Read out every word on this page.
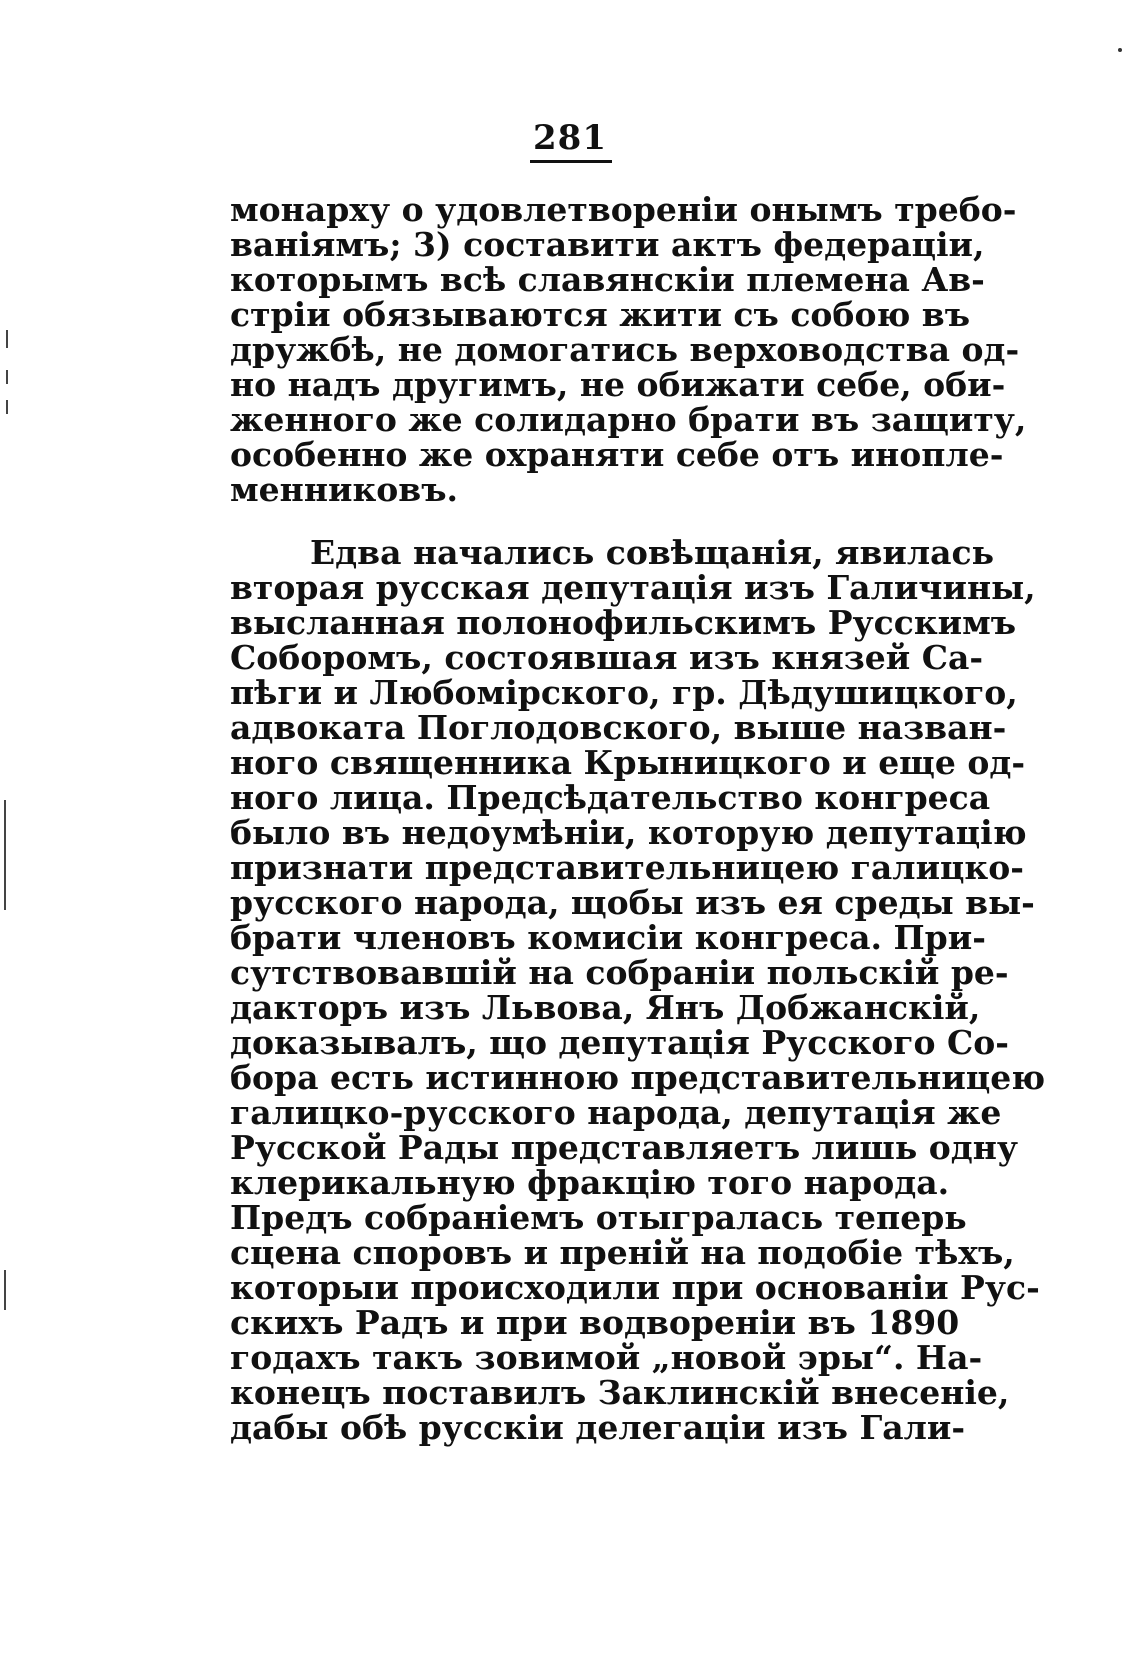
281
монарху о удовлетвореніи онымъ требо-
ваніямъ; 3) составити актъ федераціи,
которымъ всѣ славянскіи племена Ав-
стріи обязываются жити съ собою въ
дружбѣ, не домогатись верховодства од-
но надъ другимъ, не обижати себе, оби-
женного же солидарно брати въ защиту,
особенно же охраняти себе отъ инопле-
менниковъ.
Едва начались совѣщанія, явилась
вторая русская депутація изъ Галичины,
высланная полонофильскимъ Русскимъ
Соборомъ, состоявшая изъ князей Са-
пѣги и Любомірского, гр. Дѣдушицкого,
адвоката Поглодовского, выше назван-
ного священника Крыницкого и еще од-
ного лица. Предсѣдательство конгреса
было въ недоумѣніи, которую депутацію
признати представительницею галицко-
русского народа, щобы изъ ея среды вы-
брати членовъ комисіи конгреса. При-
сутствовавшій на собраніи польскій ре-
дакторъ изъ Львова, Янъ Добжанскій,
доказывалъ, що депутація Русского Со-
бора есть истинною представительницею
галицко-русского народа, депутація же
Русской Рады представляетъ лишь одну
клерикальную фракцію того народа.
Предъ собраніемъ отыгралась теперь
сцена споровъ и преній на подобіе тѣхъ,
которыи происходили при основаніи Рус-
скихъ Радъ и при водвореніи въ 1890
годахъ такъ зовимой „новой эры“. На-
конецъ поставилъ Заклинскій внесеніе,
дабы обѣ русскіи делегаціи изъ Гали-
